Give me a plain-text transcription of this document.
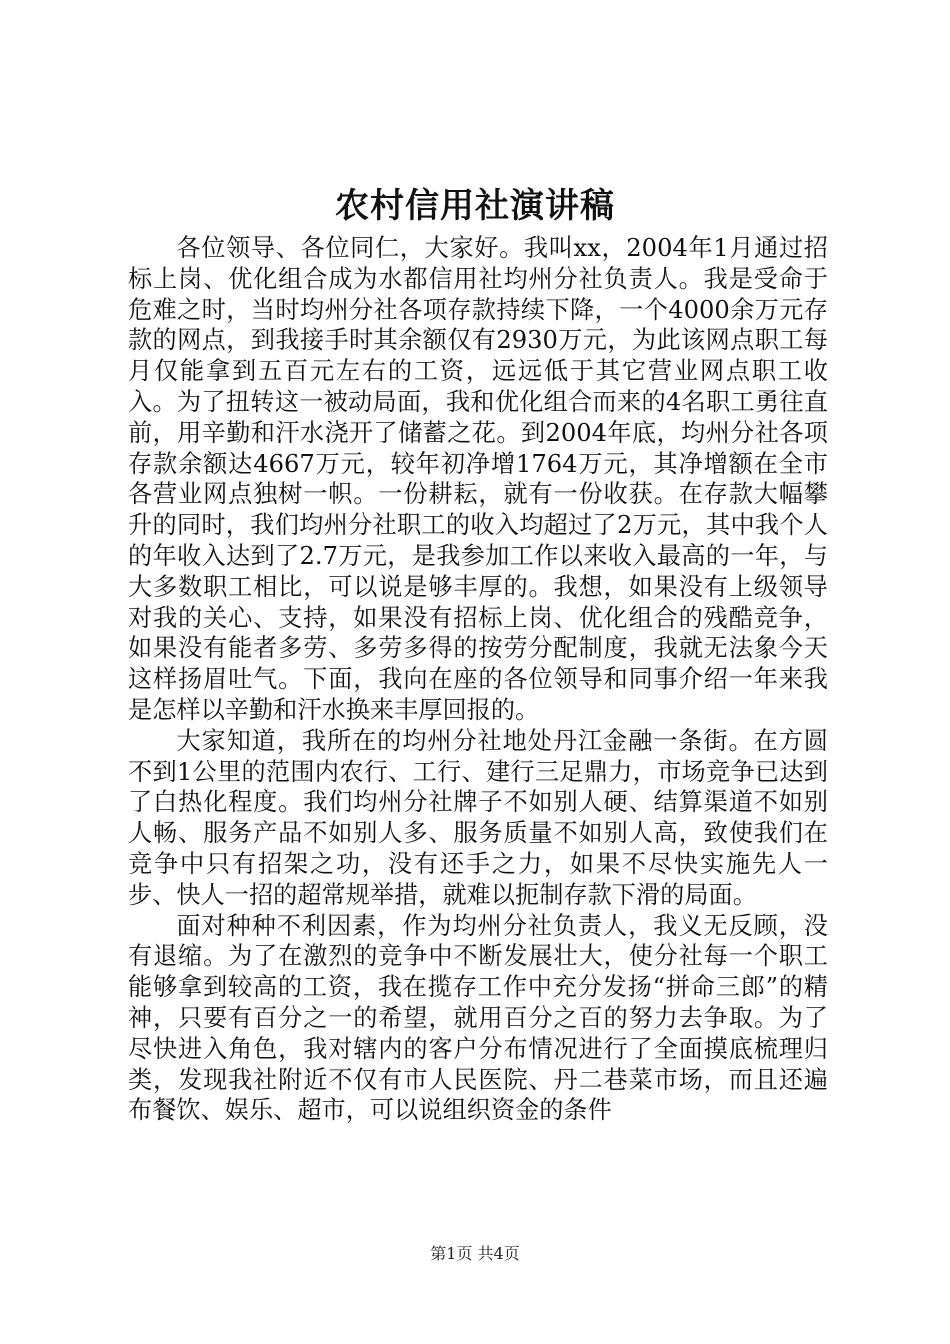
农村信用社演讲稿

各位领导、各位同仁，大家好。我叫xx，2004年1月通过招标上岗、优化组合成为水都信用社均州分社负责人。我是受命于危难之时，当时均州分社各项存款持续下降，一个4000余万元存款的网点，到我接手时其余额仅有2930万元，为此该网点职工每月仅能拿到五百元左右的工资，远远低于其它营业网点职工收入。为了扭转这一被动局面，我和优化组合而来的4名职工勇往直前，用辛勤和汗水浇开了储蓄之花。到2004年底，均州分社各项存款余额达4667万元，较年初净增1764万元，其净增额在全市各营业网点独树一帜。一份耕耘，就有一份收获。在存款大幅攀升的同时，我们均州分社职工的收入均超过了2万元，其中我个人的年收入达到了2.7万元，是我参加工作以来收入最高的一年，与大多数职工相比，可以说是够丰厚的。我想，如果没有上级领导对我的关心、支持，如果没有招标上岗、优化组合的残酷竞争，如果没有能者多劳、多劳多得的按劳分配制度，我就无法象今天这样扬眉吐气。下面，我向在座的各位领导和同事介绍一年来我是怎样以辛勤和汗水换来丰厚回报的。

大家知道，我所在的均州分社地处丹江金融一条街。在方圆不到1公里的范围内农行、工行、建行三足鼎力，市场竞争已达到了白热化程度。我们均州分社牌子不如别人硬、结算渠道不如别人畅、服务产品不如别人多、服务质量不如别人高，致使我们在竞争中只有招架之功，没有还手之力，如果不尽快实施先人一步、快人一招的超常规举措，就难以扼制存款下滑的局面。

面对种种不利因素，作为均州分社负责人，我义无反顾，没有退缩。为了在激烈的竞争中不断发展壮大，使分社每一个职工能够拿到较高的工资，我在揽存工作中充分发扬“拼命三郎”的精神，只要有百分之一的希望，就用百分之百的努力去争取。为了尽快进入角色，我对辖内的客户分布情况进行了全面摸底梳理归类，发现我社附近不仅有市人民医院、丹二巷菜市场，而且还遍布餐饮、娱乐、超市，可以说组织资金的条件

第1页 共4页
